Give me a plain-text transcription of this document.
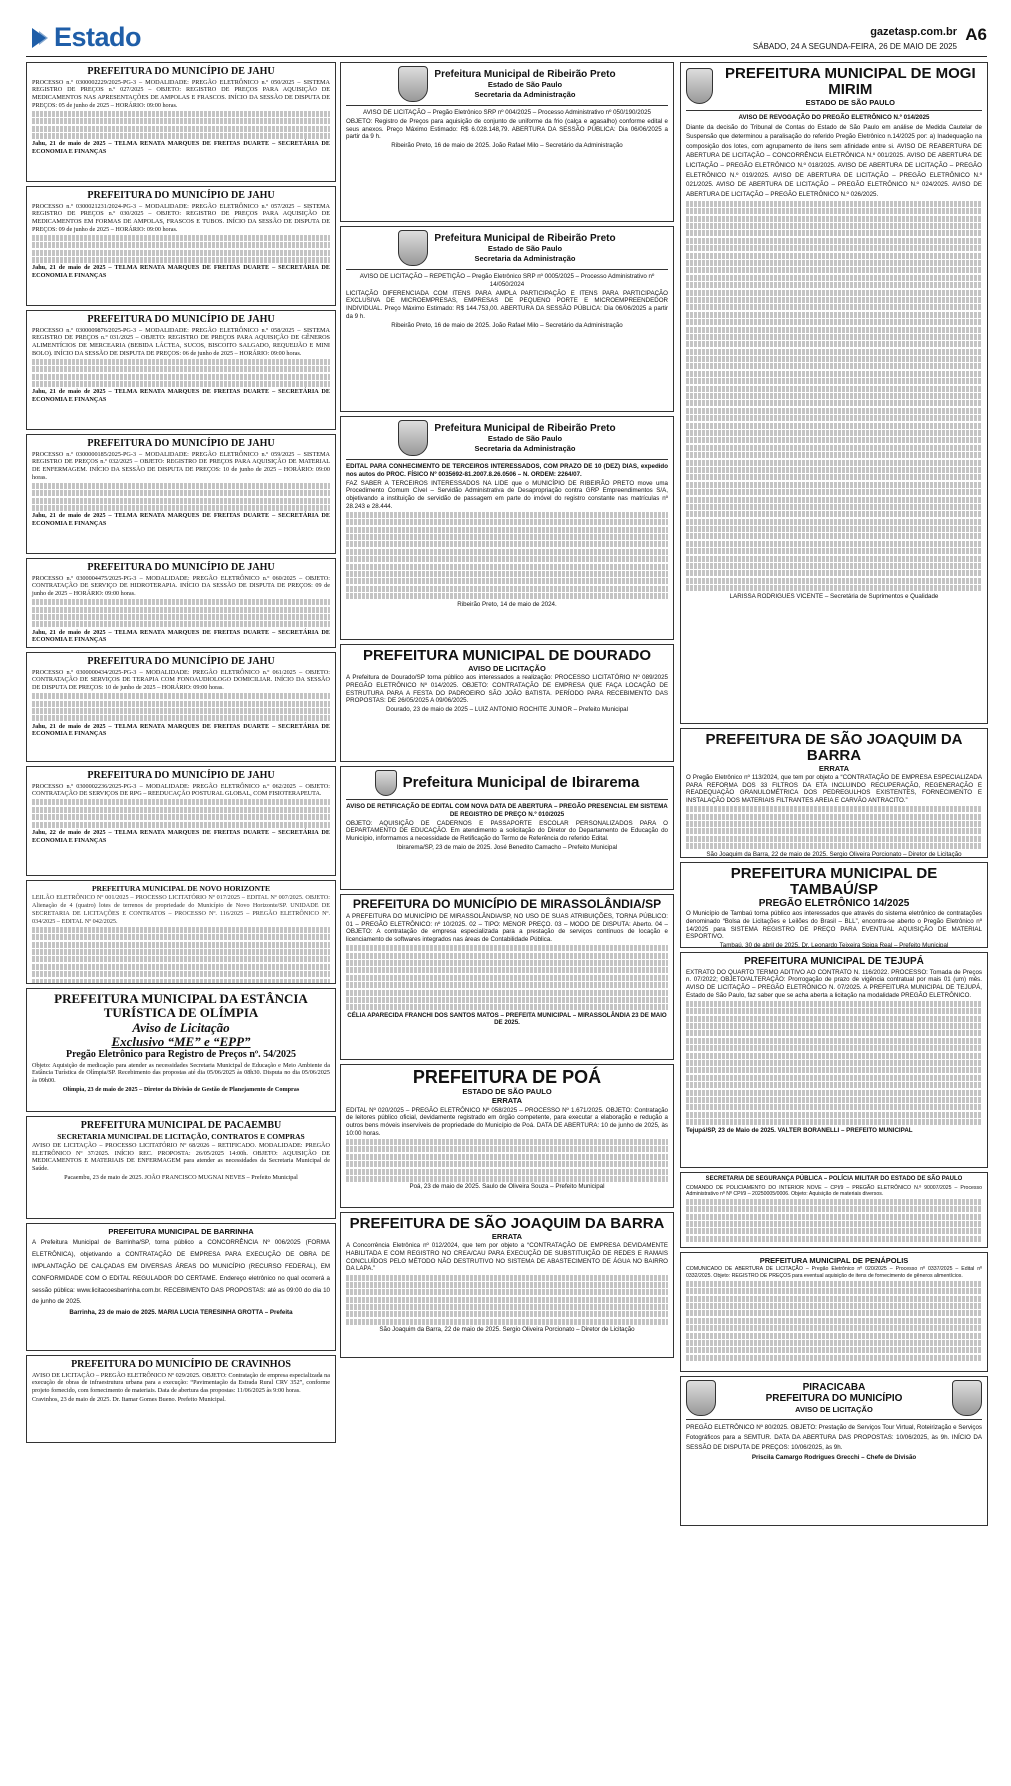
Estado	gazetasp.com.br
SÁBADO, 24 A SEGUNDA-FEIRA, 26 DE MAIO DE 2025
A6
PREFEITURA DO MUNICÍPIO DE JAHU

PROCESSO n.º 0300002229/2025-PG-3 – MODALIDADE: PREGÃO ELETRÔNICO n.º 050/2025 – SISTEMA REGISTRO DE PREÇOS n.º 027/2025 – OBJETO: REGISTRO DE PREÇOS PARA AQUISIÇÃO DE MEDICAMENTOS NAS APRESENTAÇÕES DE AMPOLAS E FRASCOS. INÍCIO DA SESSÃO DE DISPUTA DE PREÇOS: 05 de junho de 2025 – HORÁRIO: 09:00 horas.

Jahu, 21 de maio de 2025 – TELMA RENATA MARQUES DE FREITAS DUARTE – SECRETÁRIA DE ECONOMIA E FINANÇAS

PREFEITURA DO MUNICÍPIO DE JAHU

PROCESSO n.º 0300021231/2024-PG-3 – MODALIDADE: PREGÃO ELETRÔNICO n.º 057/2025 – SISTEMA REGISTRO DE PREÇOS n.º 030/2025 – OBJETO: REGISTRO DE PREÇOS PARA AQUISIÇÃO DE MEDICAMENTOS EM FORMAS DE AMPOLAS, FRASCOS E TUBOS. INÍCIO DA SESSÃO DE DISPUTA DE PREÇOS: 09 de junho de 2025 – HORÁRIO: 09:00 horas.

Jahu, 21 de maio de 2025 – TELMA RENATA MARQUES DE FREITAS DUARTE – SECRETÁRIA DE ECONOMIA E FINANÇAS

PREFEITURA DO MUNICÍPIO DE JAHU

PROCESSO n.º 0300009876/2025-PG-3 – MODALIDADE: PREGÃO ELETRÔNICO n.º 058/2025 – SISTEMA REGISTRO DE PREÇOS n.º 031/2025 – OBJETO: REGISTRO DE PREÇOS PARA AQUISIÇÃO DE GÊNEROS ALIMENTÍCIOS DE MERCEARIA (BEBIDA LÁCTEA, SUCOS, BISCOITO SALGADO, REQUEIJÃO E MINI BOLO). INÍCIO DA SESSÃO DE DISPUTA DE PREÇOS: 06 de junho de 2025 – HORÁRIO: 09:00 horas.

Jahu, 21 de maio de 2025 – TELMA RENATA MARQUES DE FREITAS DUARTE – SECRETÁRIA DE ECONOMIA E FINANÇAS

PREFEITURA DO MUNICÍPIO DE JAHU

PROCESSO n.º 0300000185/2025-PG-3 – MODALIDADE: PREGÃO ELETRÔNICO n.º 059/2025 – SISTEMA REGISTRO DE PREÇOS n.º 032/2025 – OBJETO: REGISTRO DE PREÇOS PARA AQUISIÇÃO DE MATERIAL DE ENFERMAGEM. INÍCIO DA SESSÃO DE DISPUTA DE PREÇOS: 10 de junho de 2025 – HORÁRIO: 09:00 horas.

Jahu, 21 de maio de 2025 – TELMA RENATA MARQUES DE FREITAS DUARTE – SECRETÁRIA DE ECONOMIA E FINANÇAS

PREFEITURA DO MUNICÍPIO DE JAHU

PROCESSO n.º 0300004475/2025-PG-3 – MODALIDADE: PREGÃO ELETRÔNICO n.º 060/2025 – OBJETO: CONTRATAÇÃO DE SERVIÇO DE HIDROTERAPIA. INÍCIO DA SESSÃO DE DISPUTA DE PREÇOS: 09 de junho de 2025 – HORÁRIO: 09:00 horas.

Jahu, 21 de maio de 2025 – TELMA RENATA MARQUES DE FREITAS DUARTE – SECRETÁRIA DE ECONOMIA E FINANÇAS

PREFEITURA DO MUNICÍPIO DE JAHU

PROCESSO n.º 0300000434/2025-PG-3 – MODALIDADE: PREGÃO ELETRÔNICO n.º 061/2025 – OBJETO: CONTRATAÇÃO DE SERVIÇOS DE TERAPIA COM FONOAUDIOLOGO DOMICILIAR. INÍCIO DA SESSÃO DE DISPUTA DE PREÇOS: 10 de junho de 2025 – HORÁRIO: 09:00 horas.

Jahu, 21 de maio de 2025 – TELMA RENATA MARQUES DE FREITAS DUARTE – SECRETÁRIA DE ECONOMIA E FINANÇAS

PREFEITURA DO MUNICÍPIO DE JAHU

PROCESSO n.º 0300002236/2025-PG-3 – MODALIDADE: PREGÃO ELETRÔNICO n.º 062/2025 – OBJETO: CONTRATAÇÃO DE SERVIÇOS DE RPG – REEDUCAÇÃO POSTURAL GLOBAL, COM FISIOTERAPEUTA.

Jahu, 22 de maio de 2025 – TELMA RENATA MARQUES DE FREITAS DUARTE – SECRETÁRIA DE ECONOMIA E FINANÇAS

PREFEITURA MUNICIPAL DE NOVO HORIZONTE

LEILÃO ELETRÔNICO Nº 001/2025 – PROCESSO LICITATÓRIO Nº 017/2025 – EDITAL Nº 007/2025. OBJETO: Alienação de 4 (quatro) lotes de terrenos de propriedade do Município de Novo Horizonte/SP. UNIDADE DE SECRETARIA DE LICITAÇÕES E CONTRATOS – PROCESSO Nº. 116/2025 – PREGÃO ELETRÔNICO Nº. 034/2025 – EDITAL Nº 042/2025.

PREFEITURA MUNICIPAL DA ESTÂNCIA TURÍSTICA DE OLÍMPIA
Aviso de Licitação
Exclusivo “ME” e “EPP”
Pregão Eletrônico para Registro de Preços nº. 54/2025

Objeto: Aquisição de medicação para atender as necessidades Secretaria Municipal de Educação e Meio Ambiente da Estância Turística de Olímpia/SP. Recebimento das propostas até dia 05/06/2025 às 08h30. Disputa no dia 05/06/2025 às 09h00.

Olímpia, 23 de maio de 2025 – Diretor da Divisão de Gestão de Planejamento de Compras

PREFEITURA MUNICIPAL DE PACAEMBU
SECRETARIA MUNICIPAL DE LICITAÇÃO, CONTRATOS E COMPRAS

AVISO DE LICITAÇÃO – PROCESSO LICITATÓRIO Nº 68/2026 – RETIFICADO. MODALIDADE: PREGÃO ELETRÔNICO Nº 37/2025. INÍCIO REC. PROPOSTA: 26/05/2025 14:00h. OBJETO: AQUISIÇÃO DE MEDICAMENTOS E MATERIAIS DE ENFERMAGEM para atender as necessidades da Secretaria Municipal de Saúde.

Pacaembu, 23 de maio de 2025. JOÃO FRANCISCO MUGNAI NEVES – Prefeito Municipal

PREFEITURA MUNICIPAL DE BARRINHA

A Prefeitura Municipal de Barrinha/SP, torna público a CONCORRÊNCIA Nº 006/2025 (FORMA ELETRÔNICA), objetivando a CONTRATAÇÃO DE EMPRESA PARA EXECUÇÃO DE OBRA DE IMPLANTAÇÃO DE CALÇADAS EM DIVERSAS ÁREAS DO MUNICÍPIO (RECURSO FEDERAL), EM CONFORMIDADE COM O EDITAL REGULADOR DO CERTAME. Endereço eletrônico no qual ocorrerá a sessão pública: www.licitacoesbarrinha.com.br. RECEBIMENTO DAS PROPOSTAS: até as 09:00 do dia 10 de junho de 2025.

Barrinha, 23 de maio de 2025. MARIA LUCIA TERESINHA GROTTA – Prefeita

PREFEITURA DO MUNICÍPIO DE CRAVINHOS

AVISO DE LICITAÇÃO – PREGÃO ELETRÔNICO Nº 029/2025. OBJETO: Contratação de empresa especializada na execução de obras de infraestrutura urbana para a execução: “Pavimentação da Estrada Rural CRV 352”, conforme projeto fornecido, com fornecimento de materiais. Data de abertura das propostas: 11/06/2025 às 9:00 horas.

Cravinhos, 23 de maio de 2025. Dr. Itamar Gomes Bueno. Prefeito Municipal.

Prefeitura Municipal de Ribeirão Preto
Estado de São Paulo
Secretaria da Administração

AVISO DE LICITAÇÃO – Pregão Eletrônico SRP nº 004/2025 – Processo Administrativo nº 050/190/2025

OBJETO: Registro de Preços para aquisição de conjunto de uniforme da frio (calça e agasalho) conforme edital e seus anexos. Preço Máximo Estimado: R$ 6.028.148,79. ABERTURA DA SESSÃO PÚBLICA: Dia 06/06/2025 a partir da 9 h.

Ribeirão Preto, 16 de maio de 2025. João Rafael Milo – Secretário da Administração

Prefeitura Municipal de Ribeirão Preto
Estado de São Paulo
Secretaria da Administração

AVISO DE LICITAÇÃO – REPETIÇÃO – Pregão Eletrônico SRP nº 0005/2025 – Processo Administrativo nº 14/050/2024

LICITAÇÃO DIFERENCIADA COM ITENS PARA AMPLA PARTICIPAÇÃO E ITENS PARA PARTICIPAÇÃO EXCLUSIVA DE MICROEMPRESAS, EMPRESAS DE PEQUENO PORTE E MICROEMPREENDEDOR INDIVIDUAL. Preço Máximo Estimado: R$ 144.753,00. ABERTURA DA SESSÃO PÚBLICA: Dia 06/06/2025 a partir da 9 h.

Ribeirão Preto, 16 de maio de 2025. João Rafael Milo – Secretário da Administração

Prefeitura Municipal de Ribeirão Preto
Estado de São Paulo
Secretaria da Administração

EDITAL PARA CONHECIMENTO DE TERCEIROS INTERESSADOS, COM PRAZO DE 10 (DEZ) DIAS, expedido nos autos do PROC. FÍSICO Nº 0035692-81.2007.8.26.0506 – N. ORDEM: 2264/07.

FAZ SABER A TERCEIROS INTERESSADOS NA LIDE que o MUNICÍPIO DE RIBEIRÃO PRETO move uma Procedimento Comum Cível – Servidão Administrativa de Desapropriação contra GRP Empreendimentos S/A, objetivando a instituição de servidão de passagem em parte do imóvel do registro constante nas matrículas nº 28.243 e 28.444.

Ribeirão Preto, 14 de maio de 2024.

PREFEITURA MUNICIPAL DE DOURADO
AVISO DE LICITAÇÃO

A Prefeitura de Dourado/SP torna público aos interessados a realização: PROCESSO LICITATÓRIO Nº 089/2025 PREGÃO ELETRÔNICO Nº 014/2025. OBJETO: CONTRATAÇÃO DE EMPRESA QUE FAÇA LOCAÇÃO DE ESTRUTURA PARA A FESTA DO PADROEIRO SÃO JOÃO BATISTA. PERÍODO PARA RECEBIMENTO DAS PROPOSTAS: DE 26/05/2025 A 09/06/2025.

Dourado, 23 de maio de 2025 – LUIZ ANTONIO ROCHITE JUNIOR – Prefeito Municipal

Prefeitura Municipal de Ibirarema

AVISO DE RETIFICAÇÃO DE EDITAL COM NOVA DATA DE ABERTURA – PREGÃO PRESENCIAL EM SISTEMA DE REGISTRO DE PREÇO N.º 010/2025

OBJETO: AQUISIÇÃO DE CADERNOS E PASSAPORTE ESCOLAR PERSONALIZADOS PARA O DEPARTAMENTO DE EDUCAÇÃO. Em atendimento a solicitação do Diretor do Departamento de Educação do Município, informamos a necessidade de Retificação do Termo de Referência do referido Edital.

Ibirarema/SP, 23 de maio de 2025. José Benedito Camacho – Prefeito Municipal

PREFEITURA DO MUNICÍPIO DE MIRASSOLÂNDIA/SP

A PREFEITURA DO MUNICÍPIO DE MIRASSOLÂNDIA/SP, NO USO DE SUAS ATRIBUIÇÕES, TORNA PÚBLICO: 01 – PREGÃO ELETRÔNICO: nº 10/2025. 02 – TIPO: MENOR PREÇO. 03 – MODO DE DISPUTA: Aberto. 04 – OBJETO: A contratação de empresa especializada para a prestação de serviços contínuos de locação e licenciamento de softwares integrados nas áreas de Contabilidade Pública.

CÉLIA APARECIDA FRANCHI DOS SANTOS MATOS – PREFEITA MUNICIPAL – MIRASSOLÂNDIA 23 DE MAIO DE 2025.

PREFEITURA DE POÁ
ESTADO DE SÃO PAULO
ERRATA

EDITAL Nº 020/2025 – PREGÃO ELETRÔNICO Nº 058/2025 – PROCESSO Nº 1.671/2025. OBJETO: Contratação de leitores público oficial, devidamente registrado em órgão competente, para executar a elaboração e redução a outros bens móveis inservíveis de propriedade do Município de Poá. DATA DE ABERTURA: 10 de junho de 2025, às 10:00 horas.

Poá, 23 de maio de 2025. Saulo de Oliveira Souza – Prefeito Municipal

PREFEITURA DE SÃO JOAQUIM DA BARRA
ERRATA

A Concorrência Eletrônica nº 012/2024, que tem por objeto a “CONTRATAÇÃO DE EMPRESA DEVIDAMENTE HABILITADA E COM REGISTRO NO CREA/CAU PARA EXECUÇÃO DE SUBSTITUIÇÃO DE REDES E RAMAIS CONCLUÍDOS PELO MÉTODO NÃO DESTRUTIVO NO SISTEMA DE ABASTECIMENTO DE ÁGUA NO BAIRRO DA LAPA.”

São Joaquim da Barra, 22 de maio de 2025. Sergio Oliveira Porcionato – Diretor de Licitação

PREFEITURA MUNICIPAL DE MOGI MIRIM
ESTADO DE SÃO PAULO

AVISO DE REVOGAÇÃO DO PREGÃO ELETRÔNICO N.º 014/2025

Diante da decisão do Tribunal de Contas do Estado de São Paulo em análise de Medida Cautelar de Suspensão que determinou a paralisação do referido Pregão Eletrônico n.14/2025 por: a) Inadequação na composição dos lotes, com agrupamento de itens sem afinidade entre si. AVISO DE REABERTURA DE ABERTURA DE LICITAÇÃO – CONCORRÊNCIA ELETRÔNICA N.º 001/2025. AVISO DE ABERTURA DE LICITAÇÃO – PREGÃO ELETRÔNICO N.º 018/2025. AVISO DE ABERTURA DE LICITAÇÃO – PREGÃO ELETRÔNICO N.º 019/2025. AVISO DE ABERTURA DE LICITAÇÃO – PREGÃO ELETRÔNICO N.º 021/2025. AVISO DE ABERTURA DE LICITAÇÃO – PREGÃO ELETRÔNICO N.º 024/2025. AVISO DE ABERTURA DE LICITAÇÃO – PREGÃO ELETRÔNICO N.º 026/2025.

LARISSA RODRIGUES VICENTE – Secretária de Suprimentos e Qualidade

PREFEITURA DE SÃO JOAQUIM DA BARRA
ERRATA

O Pregão Eletrônico nº 113/2024, que tem por objeto a “CONTRATAÇÃO DE EMPRESA ESPECIALIZADA PARA REFORMA DOS 33 FILTROS DA ETA INCLUINDO RECUPERAÇÃO, REGENERAÇÃO E READEQUAÇÃO GRANULOMÉTRICA DOS PEDREGULHOS EXISTENTES, FORNECIMENTO E INSTALAÇÃO DOS MATERIAIS FILTRANTES AREIA E CARVÃO ANTRACITO.”

São Joaquim da Barra, 22 de maio de 2025. Sergio Oliveira Porcionato – Diretor de Licitação

PREFEITURA MUNICIPAL DE TAMBAÚ/SP
PREGÃO ELETRÔNICO 14/2025

O Município de Tambaú torna público aos interessados que através do sistema eletrônico de contratações denominado “Bolsa de Licitações e Leilões do Brasil – BLL”, encontra-se aberto o Pregão Eletrônico nº 14/2025 para SISTEMA REGISTRO DE PREÇO PARA EVENTUAL AQUISIÇÃO DE MATERIAL ESPORTIVO.

Tambaú, 30 de abril de 2025. Dr. Leonardo Teixeira Spiga Real – Prefeito Municipal

PREFEITURA MUNICIPAL DE TEJUPÁ

EXTRATO DO QUARTO TERMO ADITIVO AO CONTRATO N. 116/2022. PROCESSO: Tomada de Preços n. 07/2022; OBJETO/ALTERAÇÃO: Prorrogação de prazo de vigência contratual por mais 01 (um) mês. AVISO DE LICITAÇÃO – PREGÃO ELETRÔNICO N. 07/2025. A PREFEITURA MUNICIPAL DE TEJUPÁ, Estado de São Paulo, faz saber que se acha aberta a licitação na modalidade PREGÃO ELETRÔNICO.

Tejupá/SP, 23 de Maio de 2025. VALTER BORANELLI – PREFEITO MUNICIPAL

SECRETARIA DE SEGURANÇA PÚBLICA – POLÍCIA MILITAR DO ESTADO DE SÃO PAULO

COMANDO DE POLICIAMENTO DO INTERIOR NOVE – CPI/9 – PREGÃO ELETRÔNICO N.º 90007/2025 – Processo Administrativo nº Nº CPI/9 – 20250005/0006. Objeto: Aquisição de materiais diversos.

PREFEITURA MUNICIPAL DE PENÁPOLIS

COMUNICADO DE ABERTURA DE LICITAÇÃO – Pregão Eletrônico nº 020/2025 – Processo nº 0337/2025 – Edital nº 0332/2025. Objeto: REGISTRO DE PREÇOS para eventual aquisição de itens de fornecimento de gêneros alimentícios.

PIRACICABA
PREFEITURA DO MUNICÍPIO
AVISO DE LICITAÇÃO

PREGÃO ELETRÔNICO Nº 80/2025. OBJETO: Prestação de Serviços Tour Virtual, Roteirização e Serviços Fotográficos para a SEMTUR. DATA DA ABERTURA DAS PROPOSTAS: 10/06/2025, às 9h. INÍCIO DA SESSÃO DE DISPUTA DE PREÇOS: 10/06/2025, às 9h.

Priscila Camargo Rodrigues Grecchi – Chefe de Divisão
